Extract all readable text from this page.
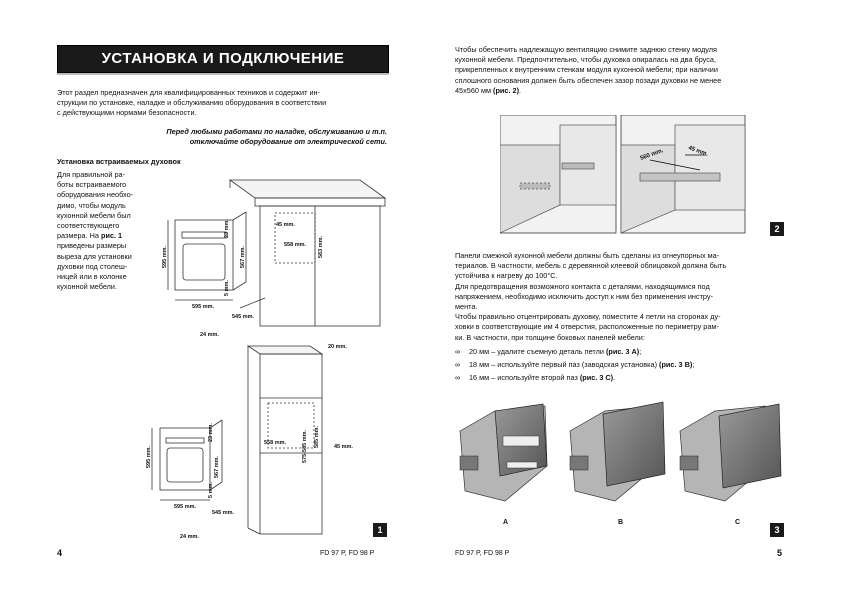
УСТАНОВКА И ПОДКЛЮЧЕНИЕ
Этот раздел предназначен для квалифицированных техников и содержит ин-
струкции по установке, наладке и обслуживанию оборудования в соответствии
с действующими нормами безопасности.
Перед любыми работами по наладке, обслуживанию и т.п.
отключайте оборудование от электрической сети.
Установка встраиваемых духовок
Для правильной ра-
боты встраиваемого
оборудования необхо-
димо, чтобы модуль
кухонной мебели был
соответствующего
размера. На рис. 1
приведены размеры
выреза для установки
духовки под столеш-
ницей или в колонке
кухонной мебели.
595 mm.
23 mm.
567 mm.
5 mm.
595 mm.
545 mm.
24 mm.
45 mm.
558 mm. 583 mm.
20 mm.
595 mm.
23 mm.
567 mm.
5 mm.
595 mm.
545 mm.
24 mm.
558 mm.	575-585 mm. 585 mm.	45 mm.
1
4	FD 97 P, FD 98 P
Чтобы обеспечить надлежащую вентиляцию снимите заднюю стенку модуля
кухонной мебели. Предпочтительно, чтобы духовка опиралась на два бруса,
прикрепленных к внутренним стенкам модуля кухонной мебели; при наличии
сплошного основания должен быть обеспечен зазор позади духовки не менее
45х560 мм (рис. 2).
560 mm.	45 mm.
2
Панели смежной кухонной мебели должны быть сделаны из огнеупорных ма-
териалов. В частности, мебель с деревянной клеевой облицовкой должна быть
устойчива к нагреву до 100°С.
Для предотвращения возможного контакта с деталями, находящимися под
напряжением, необходимо исключить доступ к ним без применения инстру-
мента.
Чтобы правильно отцентрировать духовку, поместите 4 петли на сторонах ду-
ховки в соответствующие им 4 отверстия, расположенные по периметру рам-
ки. В частности, при толщине боковых панелей мебели:
∞	20 мм – удалите съемную деталь петли (рис. 3 A);
∞	18 мм – используйте первый паз (заводская установка) (рис. 3 B);
∞	16 мм – используйте второй паз (рис. 3 C).
A	B	C
3
FD 97 P, FD 98 P	5
